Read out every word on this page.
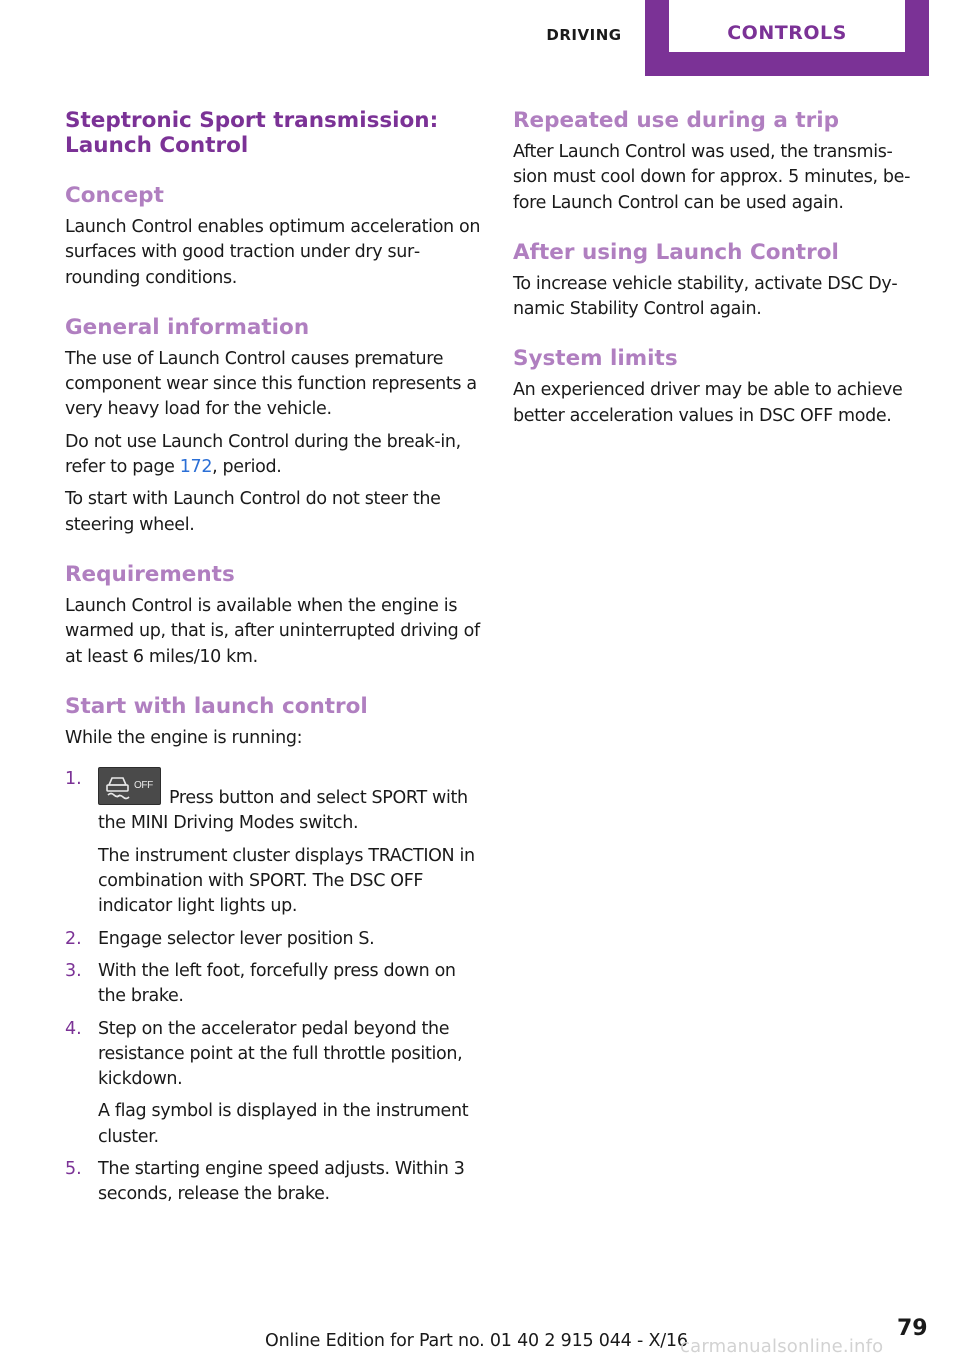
DRIVING	CONTROLS
Steptronic Sport transmission: Launch Control
Concept

Launch Control enables optimum acceleration on surfaces with good traction under dry sur‐ rounding conditions.

General information

The use of Launch Control causes premature component wear since this function represents a very heavy load for the vehicle.

Do not use Launch Control during the break-in, refer to page 172, period.

To start with Launch Control do not steer the steering wheel.

Requirements

Launch Control is available when the engine is warmed up, that is, after uninterrupted driving of at least 6 miles/10 km.

Start with launch control

While the engine is running:

1.	OFF
Press button and select SPORT with the MINI Driving Modes switch.

The instrument cluster displays TRACTION in combination with SPORT. The DSC OFF indicator light lights up.

2. Engage selector lever position S.

3. With the left foot, forcefully press down on the brake.

4. Step on the accelerator pedal beyond the resistance point at the full throttle position, kickdown.

A flag symbol is displayed in the instrument cluster.

5. The starting engine speed adjusts. Within 3 seconds, release the brake.

Repeated use during a trip

After Launch Control was used, the transmis‐ sion must cool down for approx. 5 minutes, be‐ fore Launch Control can be used again.

After using Launch Control

To increase vehicle stability, activate DSC Dy‐ namic Stability Control again.

System limits

An experienced driver may be able to achieve better acceleration values in DSC OFF mode.

79
Online Edition for Part no. 01 40 2 915 044 - X/16
carmanualsonline.info
